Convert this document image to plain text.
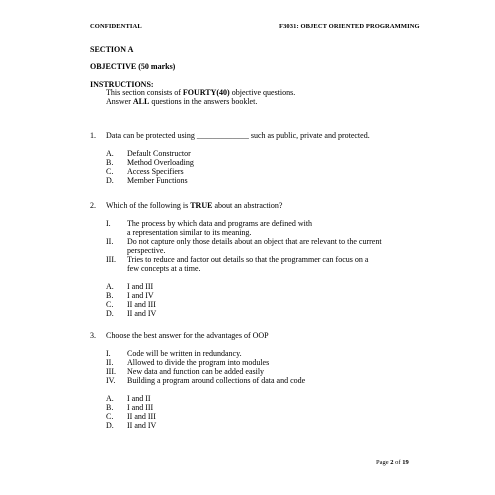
CONFIDENTIAL	F3031: OBJECT ORIENTED PROGRAMMING
SECTION A
OBJECTIVE (50 marks)
INSTRUCTIONS:
This section consists of FOURTY(40) objective questions.
Answer ALL questions in the answers booklet.
1. Data can be protected using _____________ such as public, private and protected.
A. Default Constructor
B. Method Overloading
C. Access Specifiers
D. Member Functions
2. Which of the following is TRUE about an abstraction?
I. The process by which data and programs are defined with
a representation similar to its meaning.
II. Do not capture only those details about an object that are relevant to the current
perspective.
III. Tries to reduce and factor out details so that the programmer can focus on a
few concepts at a time.
A. I and III
B. I and IV
C. II and III
D. II and IV
3. Choose the best answer for the advantages of OOP
I. Code will be written in redundancy.
II. Allowed to divide the program into modules
III. New data and function can be added easily
IV. Building a program around collections of data and code
A. I and II
B. I and III
C. II and III
D. II and IV
Page 2 of 19
